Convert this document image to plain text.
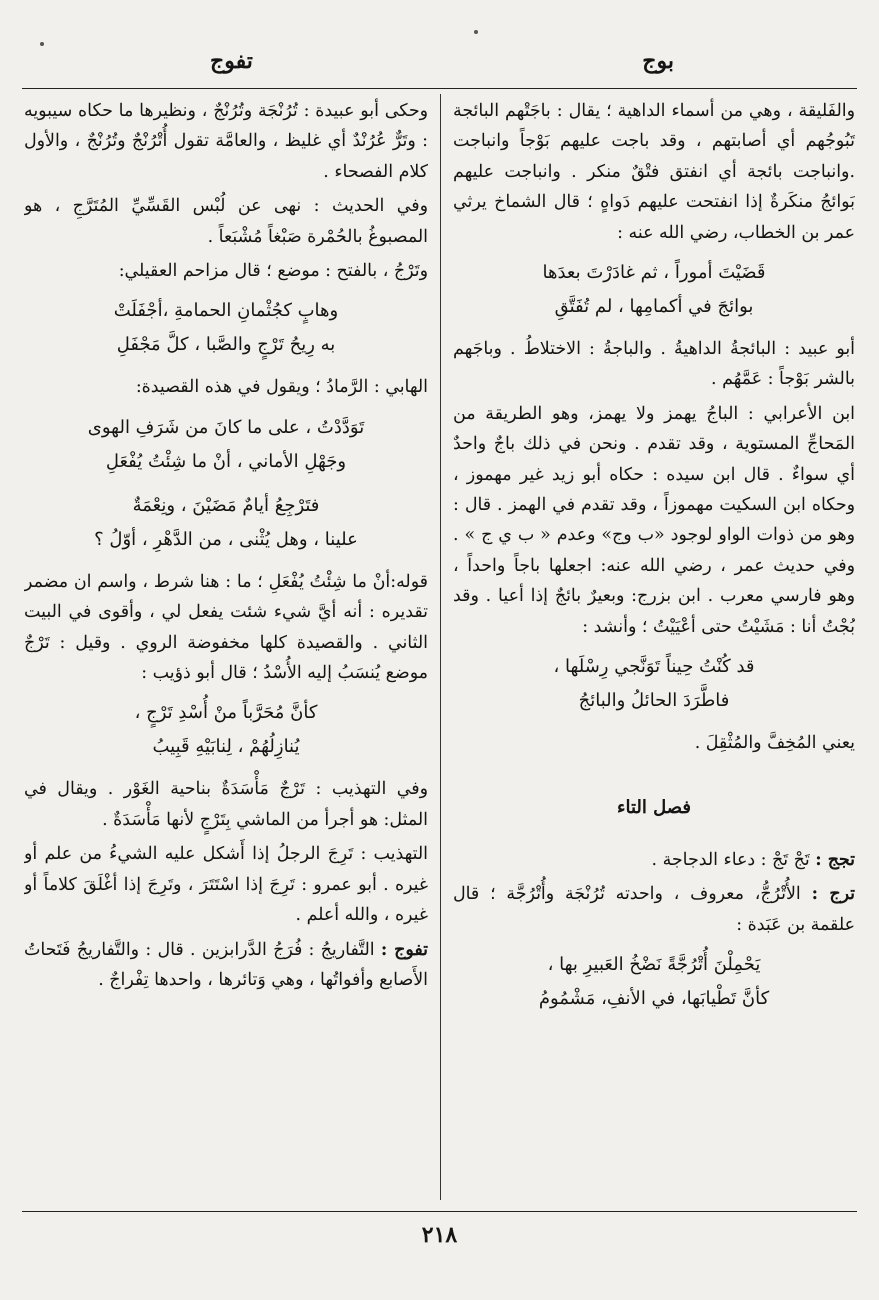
بوج
تفوج

والفَليقة ، وهي من أسماء الداهية ؛ يقال : باجَتْهم البائجة تَبُوجُهم أي أصابتهم ، وقد باجت عليهم بَوْجاً وانباجت .وانباجت بائجة أي انفتق فتْقٌ منكر . وانباجت عليهم بَوائجُ منكَرةٌ إذا انفتحت عليهم دَواهٍ ؛ قال الشماخ يرثي عمر بن الخطاب، رضي الله عنه :

قَضَيْتَ أموراً ، ثم غادَرْتَ بعدَها
بوائجَ في أكمامِها ، لم تُفَتَّقِ

أبو عبيد : البائجةُ الداهيةُ . والباجةُ : الاختلاطُ . وباجَهم بالشر بَوْجاً : عَمَّهُم .

ابن الأعرابي : الباجُ يهمز ولا يهمز، وهو الطريقة من المَحاجِّ المستوية ، وقد تقدم . ونحن في ذلك باجٌ واحدٌ أي سواءٌ . قال ابن سيده : حكاه أبو زيد غير مهموز ، وحكاه ابن السكيت مهموزاً ، وقد تقدم في الهمز . قال : وهو من ذوات الواو لوجود «ب وج» وعدم « ب ي ج » . وفي حديث عمر ، رضي الله عنه: اجعلها باجاً واحداً ، وهو فارسي معرب . ابن بزرج: وبعيرٌ بائجٌ إذا أعيا . وقد بُجْتُ أنا : مَشَيْتُ حتى أعْيَيْتُ ؛ وأنشد :

قد كُنْتُ حِيناً تَوَنَّجي رِسْلَها ،
فاطَّرَدَ الحائلُ والبائجُ

يعني المُخِفَّ والمُثْقِلَ .

فصل التاء

تجج : تَجْ تَجْ : دعاء الدجاجة .

ترج : الأُتْرُجُّ، معروف ، واحدته تُرُنْجَة وأُتْرُجَّة ؛ قال علقمة بن عَبَدة :

يَحْمِلْنَ أُتْرُجَّةً نَضْخُ العَبيرِ بها ،
كأنَّ تَطْيابَها، في الأنفِ، مَشْمُومُ

وحكى أبو عبيدة : تُرُنْجَة وتُرُنْجٌ ، ونظيرها ما حكاه سيبويه : وتَرٌّ عُرُنْدٌ أي غليظ ، والعامَّة تقول أُتْرُنْجٌ وتُرُنْجٌ ، والأول كلام الفصحاء .

وفي الحديث : نهى عن لُبْس القَسِّيِّ المُتَرَّجِ ، هو المصبوغُ بالحُمْرة صَبْغاً مُشْبَعاً .

وتَرْجُ ، بالفتح : موضع ؛ قال مزاحم العقيلي:

وهابٍ كجُثْمانِ الحمامةِ ،أجْفَلَتْ
به رِيحُ تَرْجٍ والصَّبا ، كلَّ مَجْفَلِ

الهابي : الرَّمادُ ؛ ويقول في هذه القصيدة:

تَوَدَّدْتُ ، على ما كانَ من شَرَفِ الهوى
وجَهْلِ الأماني ، أنْ ما شِئْتُ يُفْعَلِ
فتَرْجِعُ أيامٌ مَضَيْنَ ، ونِعْمَةٌ
علينا ، وهل يُثْنى ، من الدَّهْرِ ، أوّلُ ؟

قوله:أنْ ما شِئْتُ يُفْعَلِ ؛ ما : هنا شرط ، واسم ان مضمر تقديره : أنه أيَّ شيء شئت يفعل لي ، وأقوى في البيت الثاني . والقصيدة كلها مخفوضة الروي . وقيل : تَرْجٌ موضع يُنسَبُ إليه الأُسْدُ ؛ قال أبو ذؤيب :

كأنَّ مُحَرَّباً منْ أُسْدِ تَرْجٍ ،
يُنازِلُهُمْ ، لِنابَيْهِ قَبِيبُ

وفي التهذيب : تَرْجٌ مَأْسَدَةٌ بناحية الغَوْر . ويقال في المثل: هو أجرأ من الماشي بِتَرْجٍ لأنها مَأْسَدَةٌ .

التهذيب : تَرِجَ الرجلُ إذا أَشكل عليه الشيءُ من علم أو غيره . أبو عمرو : تَرِجَ إذا اسْتَتَرَ ، وتَرِجَ إذا أغْلَقَ كلاماً أو غيره ، والله أعلم .

تفوج : التَّفاريجُ : فُرَجُ الدَّرابزين . قال : والتَّفاريجُ فَتَحاتُ الأَصابع وأفواتُها ، وهي وَتائرها ، واحدها تِفْراجٌ .

٢١٨
